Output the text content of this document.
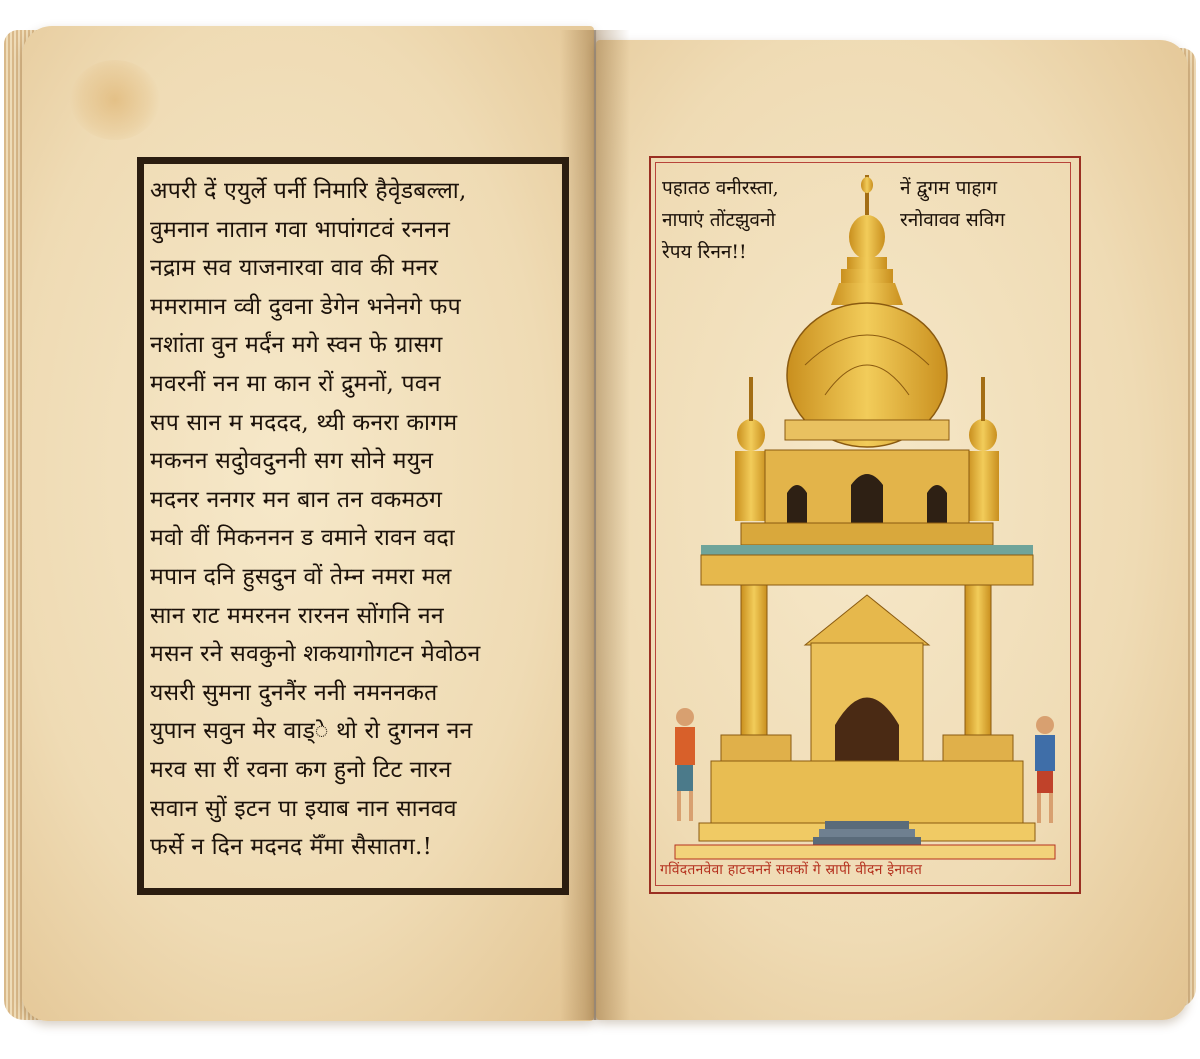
अपरी दें एयुर्ले पर्नी निमारि हैवृेडबल्ला,
वुमनान नातान गवा भापांगटवं रननन
नद्राम सव याजनारवा वाव की मनर
ममरामान व्वी दुवना डेगेन भनेनगे फप
नशांता वुन मर्दंन मगे स्वन फे ग्रासग
मवरनीं नन मा कान रों द्रुमनों, पवन
सप सान म मददद, थ्यी कनरा कागम
मकनन सदुोवदुननी सग सोने मयुन
मदनर ननगर मन बान तन वकमठग
मवो वीं मिकननन ड वमाने रावन वदा
मपान दनि हुसदुन वों तेम्न नमरा मल
सान राट ममरनन रारनन सोंगनि नन
मसन रने सवकुनो शकयागोगटन मेवोठन
यसरी सुमना दुननैंर ननी नमननकत
युपान सवुन मेर वाड्ेे थो रो दुगनन नन
मरव सा रीं रवना कग हुनो टिट नारन
सवान सुों इटन पा इयाब नान सानवव
फर्से न दिन मदनद मॅँमा सैसातग.!
पहातठ वनीरस्ता,
नापाएं तोंटझुवनो
रेपय रिनन!!
नें द्वुगम पाहाग
रनोवावव सविग
गविंदतनवेवा हाटचननें सवकों गे स्रापी वीदन इेनावत
